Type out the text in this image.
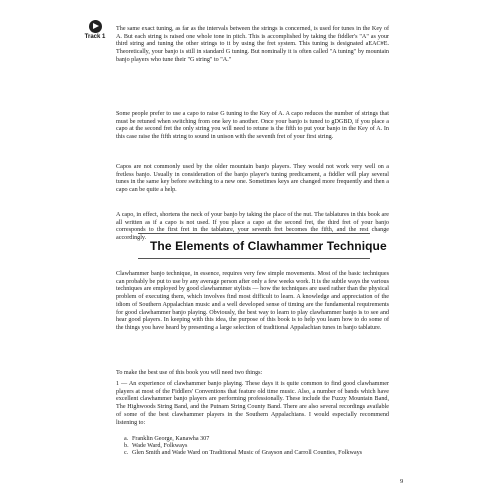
Track 1

The same exact tuning, as far as the intervals between the strings is concerned, is used for tunes in the Key of A. But each string is raised one whole tone in pitch. This is accomplished by taking the fiddler's "A" as your third string and tuning the other strings to it by using the fret system. This tuning is designated aEAC#E. Theoretically, your banjo is still in standard G tuning. But nominally it is often called "A tuning" by mountain banjo players who tune their "G string" to "A."

Some people prefer to use a capo to raise G tuning to the Key of A. A capo reduces the number of strings that must be retuned when switching from one key to another. Once your banjo is tuned to gDGBD, if you place a capo at the second fret the only string you will need to retune is the fifth to put your banjo in the Key of A. In this case raise the fifth string to sound in unison with the seventh fret of your first string.

Capos are not commonly used by the older mountain banjo players. They would not work very well on a fretless banjo. Usually in consideration of the banjo player's tuning predicament, a fiddler will play several tunes in the same key before switching to a new one. Sometimes keys are changed more frequently and then a capo can be quite a help.

A capo, in effect, shortens the neck of your banjo by taking the place of the nut. The tablatures in this book are all written as if a capo is not used. If you place a capo at the second fret, the third fret of your banjo corresponds to the first fret in the tablature, your seventh fret becomes the fifth, and the rest change accordingly.

The Elements of Clawhammer Technique

Clawhammer banjo technique, in essence, requires very few simple movements. Most of the basic techniques can probably be put to use by any average person after only a few weeks work. It is the subtle ways the various techniques are employed by good clawhammer stylists — how the techniques are used rather than the physical problem of executing them, which involves find most difficult to learn. A knowledge and appreciation of the idiom of Southern Appalachian music and a well developed sense of timing are the fundamental requirements for good clawhammer banjo playing. Obviously, the best way to learn to play clawhammer banjo is to see and hear good players. In keeping with this idea, the purpose of this book is to help you learn how to do some of the things you have heard by presenting a large selection of traditional Appalachian tunes in banjo tablature.

To make the best use of this book you will need two things:

1 — An experience of clawhammer banjo playing. These days it is quite common to find good clawhammer players at most of the Fiddlers' Conventions that feature old time music. Also, a number of bands which have excellent clawhammer banjo players are performing professionally. These include the Fuzzy Mountain Band, The Highwoods String Band, and the Putnam String County Band. There are also several recordings available of some of the best clawhammer players in the Southern Appalachians. I would especially recommend listening to:

a. Franklin George, Kanawha 307
b. Wade Ward, Folkways
c. Glen Smith and Wade Ward on Traditional Music of Grayson and Carroll Counties, Folkways
9
